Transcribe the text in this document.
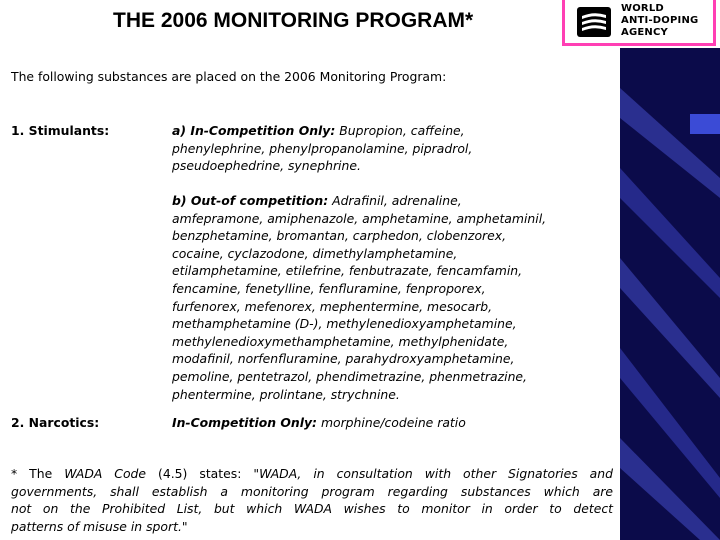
WORLD
ANTI-DOPING
AGENCY
THE 2006 MONITORING PROGRAM*
The following substances are placed on the 2006 Monitoring Program:
1. Stimulants:	a) In-Competition Only: Bupropion, caffeine,
phenylephrine, phenylpropanolamine, pipradrol,
pseudoephedrine, synephrine.
b) Out-of competition: Adrafinil, adrenaline,
amfepramone, amiphenazole, amphetamine, amphetaminil,
benzphetamine, bromantan, carphedon, clobenzorex,
cocaine, cyclazodone, dimethylamphetamine,
etilamphetamine, etilefrine, fenbutrazate, fencamfamin,
fencamine, fenetylline, fenfluramine, fenproporex,
furfenorex, mefenorex, mephentermine, mesocarb,
methamphetamine (D-), methylenedioxyamphetamine,
methylenedioxymethamphetamine, methylphenidate,
modafinil, norfenfluramine, parahydroxyamphetamine,
pemoline, pentetrazol, phendimetrazine, phenmetrazine,
phentermine, prolintane, strychnine.
2. Narcotics:	In-Competition Only: morphine/codeine ratio
* The WADA Code (4.5) states: "WADA, in consultation with other Signatories and
governments, shall establish a monitoring program regarding substances which are
not on the Prohibited List, but which WADA wishes to monitor in order to detect
patterns of misuse in sport."
